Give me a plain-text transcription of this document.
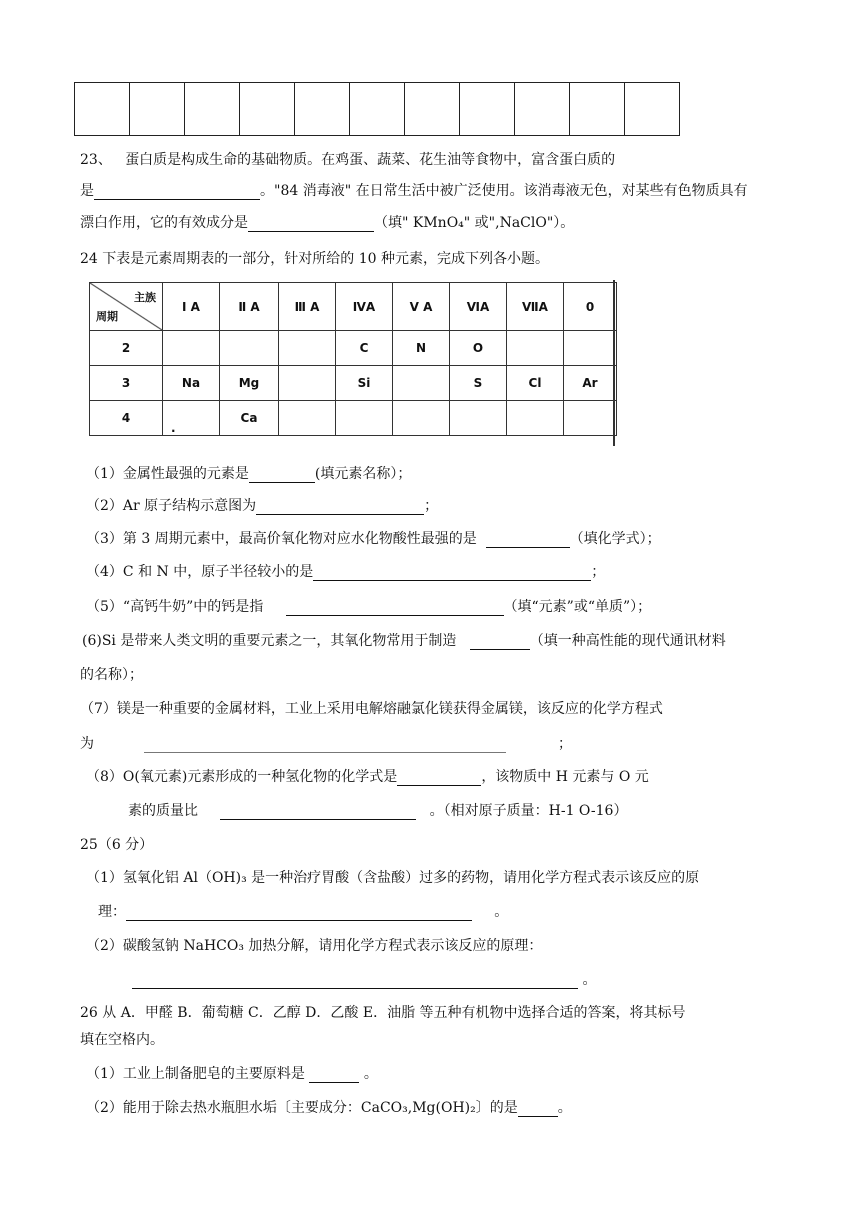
23、 蛋白质是构成生命的基础物质。在鸡蛋、蔬菜、花生油等食物中，富含蛋白质的
是	。"84 消毒液" 在日常生活中被广泛使用。该消毒液无色，对某些有色物质具有
漂白作用，它的有效成分是	（填" KMnO₄" 或",NaClO"）。
24 下表是元素周期表的一部分，针对所给的 10 种元素，完成下列各小题。
主族
周期	I A	Ⅱ A	Ⅲ A	ⅣA	V A	ⅥA	ⅦA	0
2				C	N	O		
3	Na	Mg		Si		S	Cl	Ar
4	.	Ca						
（1）金属性最强的元素是	(填元素名称）；
（2）Ar 原子结构示意图为	；
（3）第 3 周期元素中，最高价氧化物对应水化物酸性最强的是	（填化学式）；
（4）C 和 N 中，原子半径较小的是	；
（5）“高钙牛奶”中的钙是指	（填“元素”或“单质”）；
(6)Si 是带来人类文明的重要元素之一，其氧化物常用于制造	（填一种高性能的现代通讯材料
的名称）；
（7）镁是一种重要的金属材料，工业上采用电解熔融氯化镁获得金属镁，该反应的化学方程式
为	；
（8）O(氧元素)元素形成的一种氢化物的化学式是	，该物质中 H 元素与 O 元
素的质量比	。（相对原子质量：H-1 O-16）
25（6 分）
（1）氢氧化铝 Al（OH)₃ 是一种治疗胃酸（含盐酸）过多的药物，请用化学方程式表示该反应的原
理：	。
（2）碳酸氢钠 NaHCO₃ 加热分解，请用化学方程式表示该反应的原理：
。
26 从 A．甲醛 B．葡萄糖 C．乙醇 D．乙酸 E．油脂 等五种有机物中选择合适的答案，将其标号
填在空格内。
（1）工业上制备肥皂的主要原料是	。
（2）能用于除去热水瓶胆水垢〔主要成分：CaCO₃,Mg(OH)₂〕的是	。
